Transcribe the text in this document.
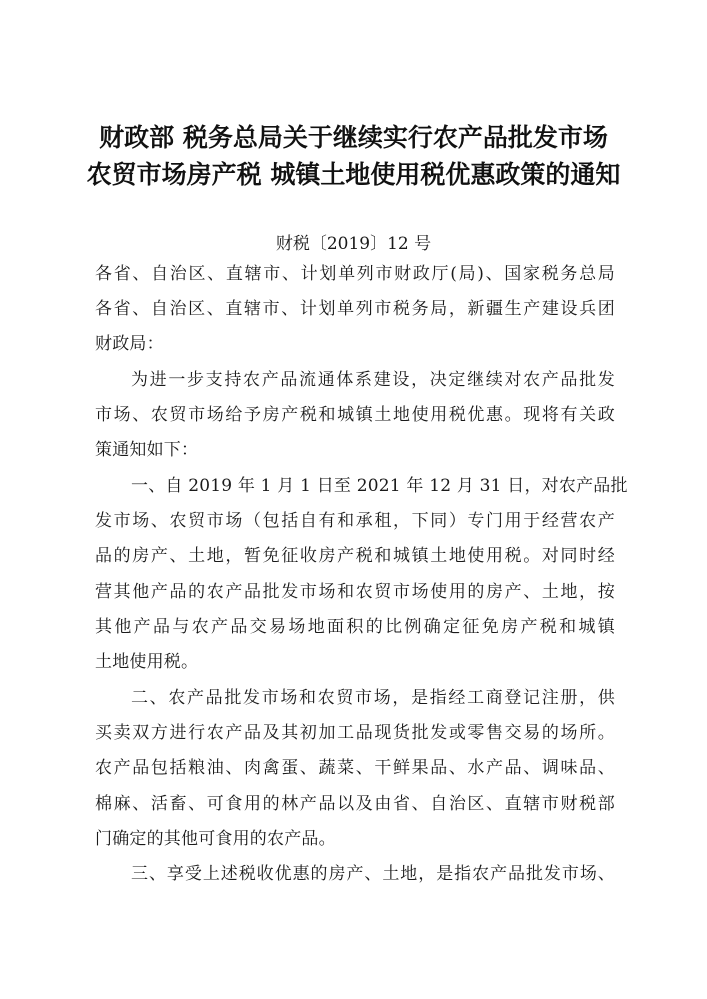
财政部 税务总局关于继续实行农产品批发市场
农贸市场房产税 城镇土地使用税优惠政策的通知
财税〔2019〕12 号
各省、自治区、直辖市、计划单列市财政厅(局)、国家税务总局
各省、自治区、直辖市、计划单列市税务局，新疆生产建设兵团
财政局：
为进一步支持农产品流通体系建设，决定继续对农产品批发
市场、农贸市场给予房产税和城镇土地使用税优惠。现将有关政
策通知如下：
一、自 2019 年 1 月 1 日至 2021 年 12 月 31 日，对农产品批
发市场、农贸市场（包括自有和承租，下同）专门用于经营农产
品的房产、土地，暂免征收房产税和城镇土地使用税。对同时经
营其他产品的农产品批发市场和农贸市场使用的房产、土地，按
其他产品与农产品交易场地面积的比例确定征免房产税和城镇
土地使用税。
二、农产品批发市场和农贸市场，是指经工商登记注册，供
买卖双方进行农产品及其初加工品现货批发或零售交易的场所。
农产品包括粮油、肉禽蛋、蔬菜、干鲜果品、水产品、调味品、
棉麻、活畜、可食用的林产品以及由省、自治区、直辖市财税部
门确定的其他可食用的农产品。
三、享受上述税收优惠的房产、土地，是指农产品批发市场、
